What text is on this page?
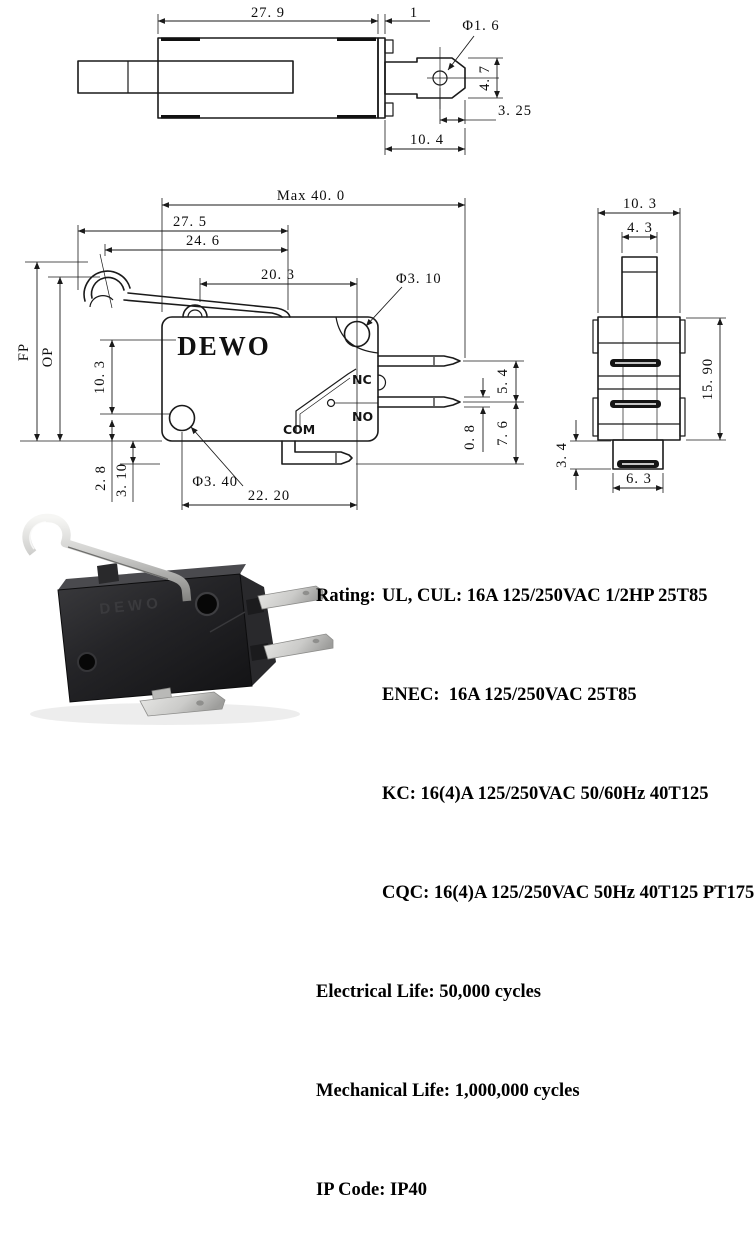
27. 9	1
Φ1. 6
4. 7
3. 25
10. 4
DEWO
NC
NO
COM
Max 40. 0
27. 5
24. 6
20. 3	Φ3. 10
FP OP
10. 3
2. 8 3. 10	Φ3. 40
22. 20
5. 4
7. 6
0. 8
10. 3
4. 3
15. 90
3. 4
6. 3
DEWO

	Rating: UL, CUL: 16A 125/250VAC 1/2HP 25T85

ENEC:  16A 125/250VAC 25T85

KC: 16(4)A 125/250VAC 50/60Hz 40T125

CQC: 16(4)A 125/250VAC 50Hz 40T125 PT175

Electrical Life: 50,000 cycles

Mechanical Life: 1,000,000 cycles

IP Code: IP40
